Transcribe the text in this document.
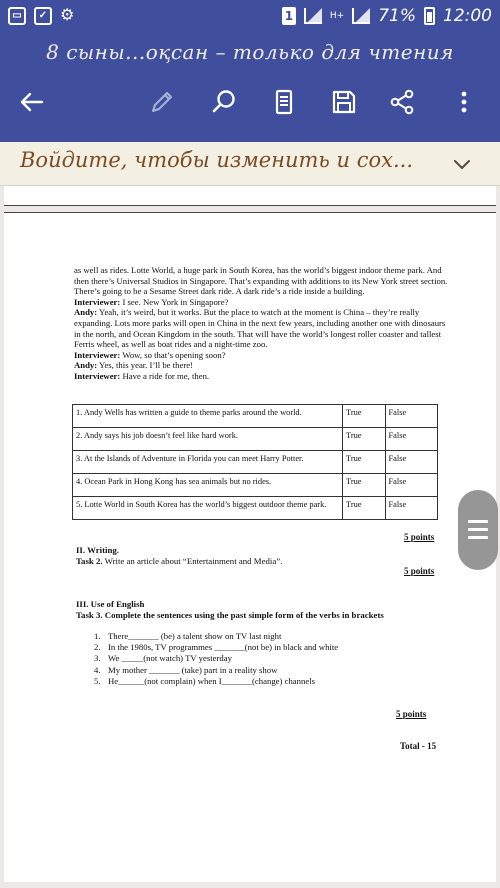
▭	✓ ⚙	1	H+ 71% 12:00
8 сыны...оқсан – только для чтения
Войдите, чтобы изменить и сох...

as well as rides. Lotte World, a huge park in South Korea, has the world’s biggest indoor theme park. And then there’s Universal Studios in Singapore. That’s expanding with additions to its New York street section. There’s going to be a Sesame Street dark ride. A dark ride’s a ride inside a building.

Interviewer: I see. New York in Singapore?

Andy: Yeah, it’s weird, but it works. But the place to watch at the moment is China – they’re really expanding. Lots more parks will open in China in the next few years, including another one with dinosaurs in the north, and Ocean Kingdom in the south. That will have the world’s longest roller coaster and tallest Ferris wheel, as well as boat rides and a night-time zoo.

Interviewer: Wow, so that’s opening soon?

Andy: Yes, this year. I’ll be there!

Interviewer: Have a ride for me, then.

1. Andy Wells has written a guide to theme parks around the world.	True	False
2. Andy says his job doesn’t feel like hard work.	True	False
3. At the Islands of Adventure in Florida you can meet Harry Potter.	True	False
4. Ocean Park in Hong Kong has sea animals but no rides.	True	False
5. Lotte World in South Korea has the world’s biggest outdoor theme park.	True	False
5 points
II. Writing.
Task 2. Write an article about “Entertainment and Media”.
5 points
III. Use of English
Task 3. Complete the sentences using the past simple form of the verbs in brackets
1. There_______ (be) a talent show on TV last night
2. In the 1980s, TV programmes _______(not be) in black and white
3. We _____(not watch) TV yesterday
4. My mother _______ (take) part in a reality show
5. He______(not complain) when I_______(change) channels
5 points
Total - 15
